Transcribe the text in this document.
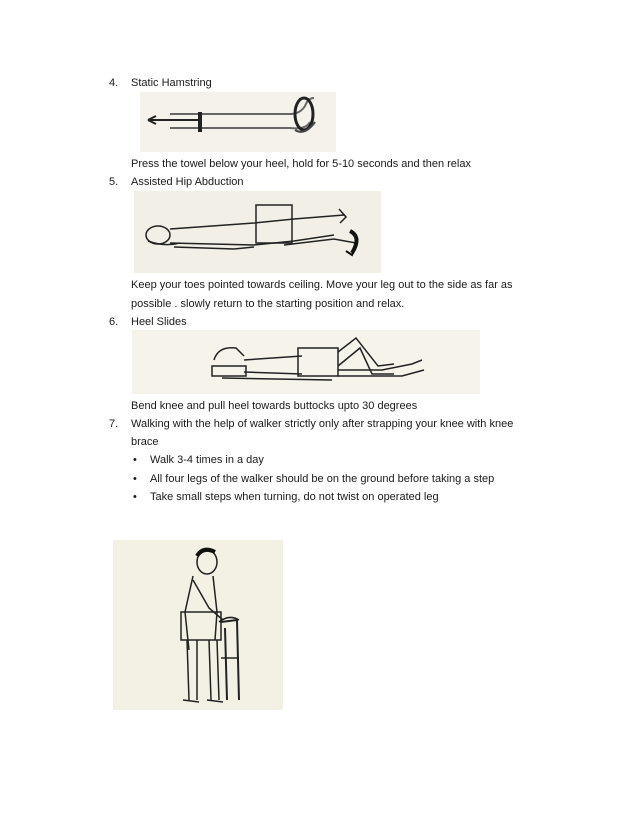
4.	Static Hamstring
Press the towel below your heel, hold for 5-10 seconds and then relax
5.	Assisted Hip Abduction
Keep your toes pointed towards ceiling. Move your leg out to the side as far as
possible . slowly return to the starting position and relax.
6.	Heel Slides
Bend knee and pull heel towards buttocks upto 30 degrees
7.	Walking with the help of walker strictly only after strapping your knee with knee
brace
• Walk 3-4 times in a day
• All four legs of the walker should be on the ground before taking a step
• Take small steps when turning, do not twist on operated leg
